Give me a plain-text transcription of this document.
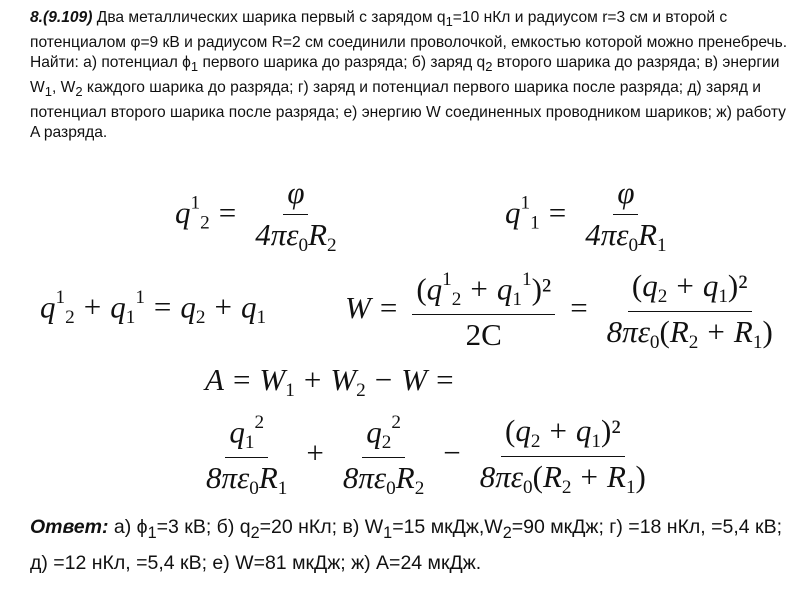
8.(9.109) Два металлических шарика первый с зарядом $q_1=10$ нКл и радиусом r=3 см и второй с потенциалом φ=9 кВ и радиусом R=2 см соединили проволочкой, емкостью которой можно пренебречь. Найти: а) потенциал $\phi_1$ первого шарика до разряда; б) заряд $q_2$ второго шарика до разряда; в) энергии $W_1$, $W_2$ каждого шарика до разряда; г) заряд и потенциал первого шарика после разряда; д) заряд и потенциал второго шарика после разряда; е) энергию W соединенных проводником шариков; ж) работу A разряда.

$q^12 = \frac{\varphi}{4\pi\varepsilon 0R2}$	$q^11 = \frac{\varphi}{4\pi\varepsilon 0R1}$
$q^12 + q1^1 = q2 + q1$	$W = \frac{(q^12 + q1^1)^2}{2C} = \frac{\text{(q2 + q1)²}}{8\pi\varepsilon 0(R2 + R1)}$
A = W1 + W2 − W =
$\frac{q1^2}{8\pi\varepsilon 0R1} + \frac{q2^2}{8\pi\varepsilon 0R2} - \frac{\text{(q2 + q1)²}}{8\pi\varepsilon 0(R2 + R1)}$

Ответ: а) $\phi_1=3$ кВ; б) $q_2=20$ нКл; в) $W_1=15$ $мкДж,W_2=90$ мкДж; г) =18 нКл, =5,4 кВ; д) =12 нКл, =5,4 кВ; е) W=81 мкДж; ж) A=24 мкДж.
